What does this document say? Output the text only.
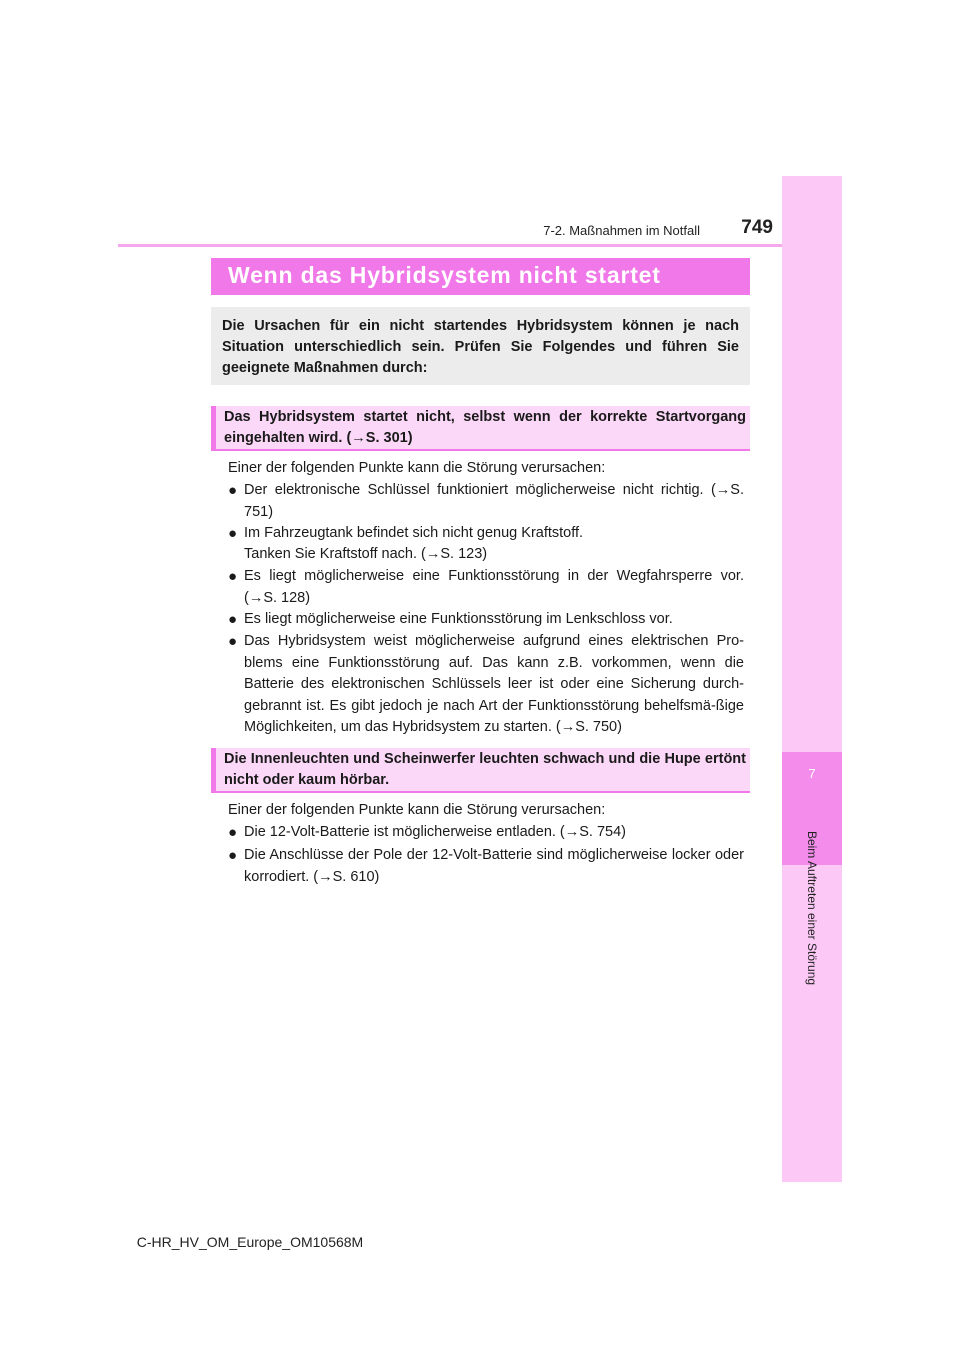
7
Beim Auftreten einer Störung
7-2. Maßnahmen im Notfall	749
Wenn das Hybridsystem nicht startet
Die Ursachen für ein nicht startendes Hybridsystem können je nach Situation unterschiedlich sein. Prüfen Sie Folgendes und führen Sie geeignete Maßnahmen durch:
Das Hybridsystem startet nicht, selbst wenn der korrekte Startvorgang eingehalten wird. (→S. 301)
Einer der folgenden Punkte kann die Störung verursachen:
● Der elektronische Schlüssel funktioniert möglicherweise nicht richtig. (→S. 751)
● Im Fahrzeugtank befindet sich nicht genug Kraftstoff.
Tanken Sie Kraftstoff nach. (→S. 123)
● Es liegt möglicherweise eine Funktionsstörung in der Wegfahrsperre vor. (→S. 128)
● Es liegt möglicherweise eine Funktionsstörung im Lenkschloss vor.
● Das Hybridsystem weist möglicherweise aufgrund eines elektrischen Pro-blems eine Funktionsstörung auf. Das kann z.B. vorkommen, wenn die Batterie des elektronischen Schlüssels leer ist oder eine Sicherung durch-gebrannt ist. Es gibt jedoch je nach Art der Funktionsstörung behelfsmä-ßige Möglichkeiten, um das Hybridsystem zu starten. (→S. 750)
Die Innenleuchten und Scheinwerfer leuchten schwach und die Hupe ertönt nicht oder kaum hörbar.
Einer der folgenden Punkte kann die Störung verursachen:
● Die 12-Volt-Batterie ist möglicherweise entladen. (→S. 754)
● Die Anschlüsse der Pole der 12-Volt-Batterie sind möglicherweise locker oder korrodiert. (→S. 610)
C-HR_HV_OM_Europe_OM10568M
